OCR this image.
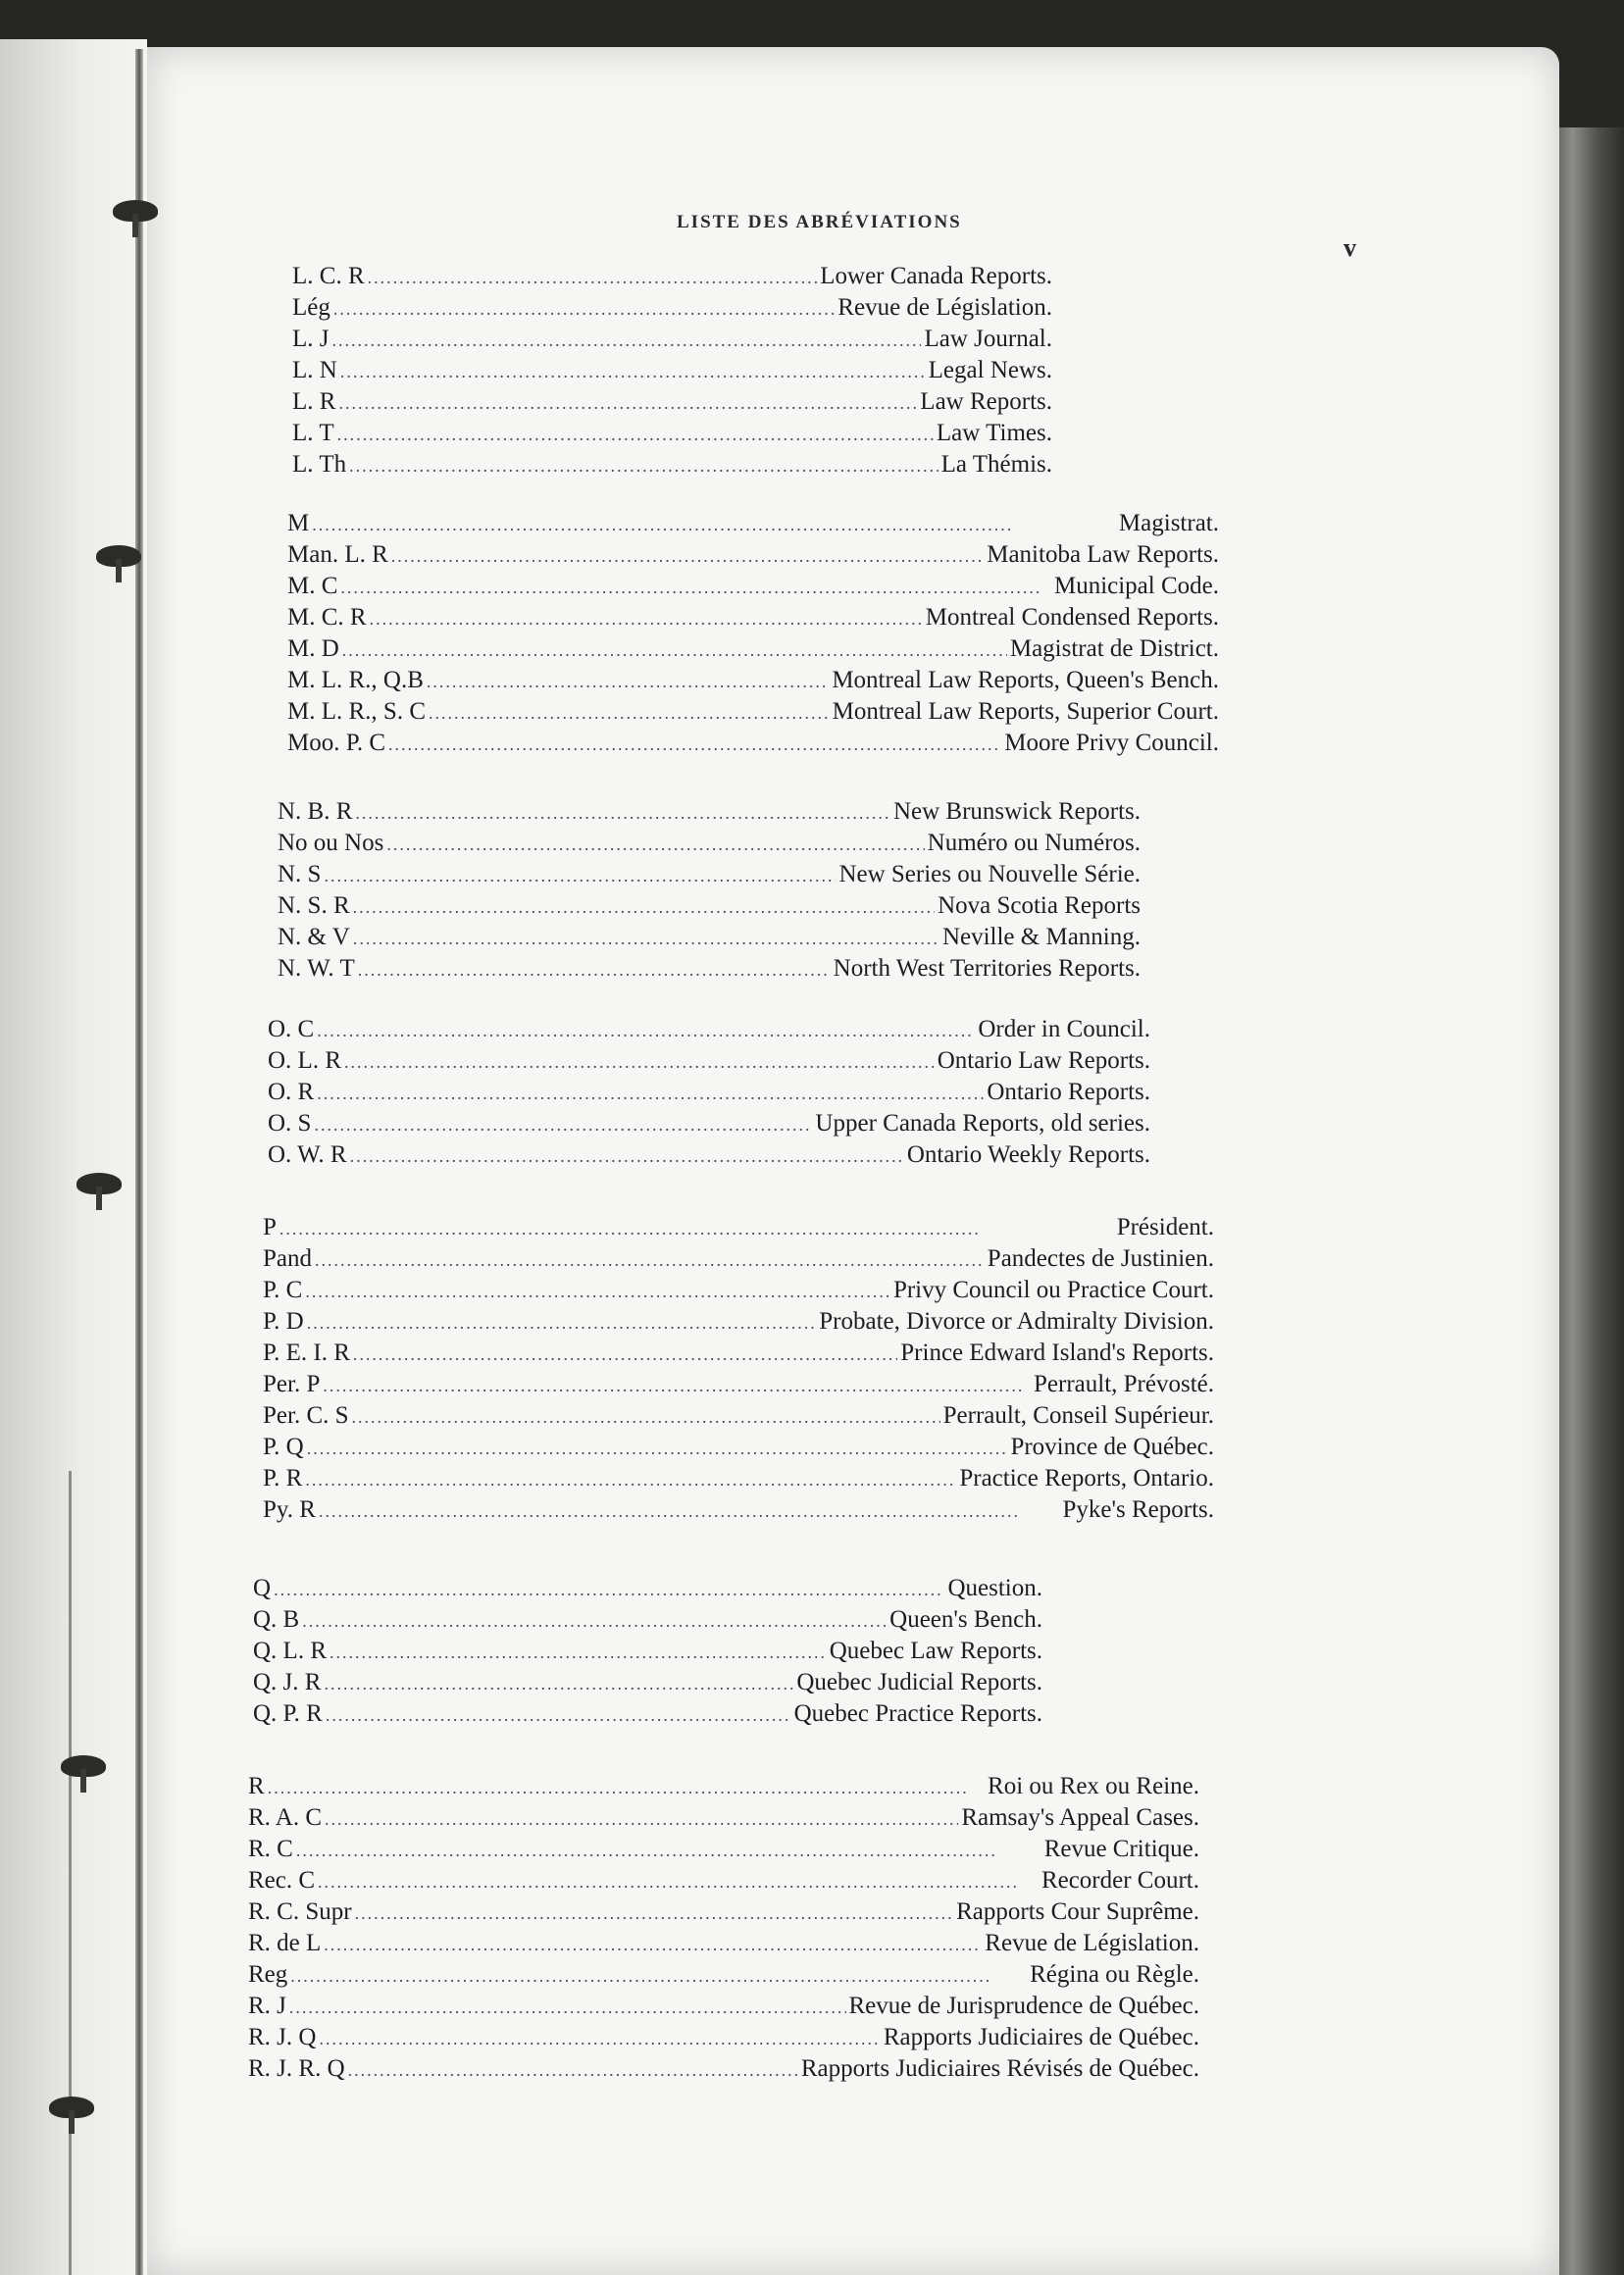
LISTE DES ABRÉVIATIONS
v
L. C. R .....	Lower Canada Reports.
Lég .....	Revue de Législation.
L. J .....	Law Journal.
L. N .....	Legal News.
L. R .....	Law Reports.
L. T .....	Law Times.
L. Th .....	La Thémis.
M .....	Magistrat.
Man. L. R .....	Manitoba Law Reports.
M. C .....	Municipal Code.
M. C. R .....	Montreal Condensed Reports.
M. D .....	Magistrat de District.
M. L. R., Q.B .....	Montreal Law Reports, Queen's Bench.
M. L. R., S. C .....	Montreal Law Reports, Superior Court.
Moo. P. C .....	Moore Privy Council.
N. B. R .....	New Brunswick Reports.
No ou Nos .....	Numéro ou Numéros.
N. S .....	New Series ou Nouvelle Série.
N. S. R .....	Nova Scotia Reports
N. & V .....	Neville & Manning.
N. W. T .....	North West Territories Reports.
O. C .....	Order in Council.
O. L. R .....	Ontario Law Reports.
O. R .....	Ontario Reports.
O. S .....	Upper Canada Reports, old series.
O. W. R .....	Ontario Weekly Reports.
P .....	Président.
Pand .....	Pandectes de Justinien.
P. C .....	Privy Council ou Practice Court.
P. D .....	Probate, Divorce or Admiralty Division.
P. E. I. R .....	Prince Edward Island's Reports.
Per. P .....	Perrault, Prévosté.
Per. C. S .....	Perrault, Conseil Supérieur.
P. Q .....	Province de Québec.
P. R .....	Practice Reports, Ontario.
Py. R .....	Pyke's Reports.
Q .....	Question.
Q. B .....	Queen's Bench.
Q. L. R .....	Quebec Law Reports.
Q. J. R .....	Quebec Judicial Reports.
Q. P. R .....	Quebec Practice Reports.
R .....	Roi ou Rex ou Reine.
R. A. C .....	Ramsay's Appeal Cases.
R. C .....	Revue Critique.
Rec. C .....	Recorder Court.
R. C. Supr .....	Rapports Cour Suprême.
R. de L .....	Revue de Législation.
Reg .....	Régina ou Règle.
R. J .....	Revue de Jurisprudence de Québec.
R. J. Q .....	Rapports Judiciaires de Québec.
R. J. R. Q .....	Rapports Judiciaires Révisés de Québec.
